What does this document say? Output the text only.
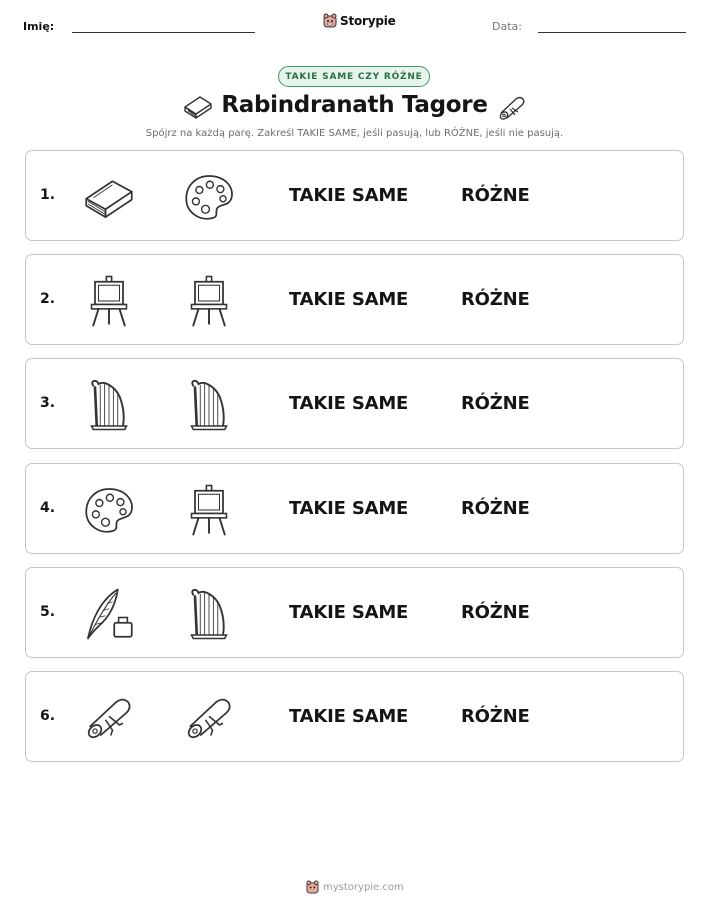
Imię:	Storypie	Data:
TAKIE SAME CZY RÓŻNE
Rabindranath Tagore
Spójrz na każdą parę. Zakreśl TAKIE SAME, jeśli pasują, lub RÓŻNE, jeśli nie pasują.
1.	TAKIE SAME	RÓŻNE
2.	TAKIE SAME	RÓŻNE
3.	TAKIE SAME	RÓŻNE
4.	TAKIE SAME	RÓŻNE
5.	TAKIE SAME	RÓŻNE
6.	TAKIE SAME	RÓŻNE
mystorypie.com
